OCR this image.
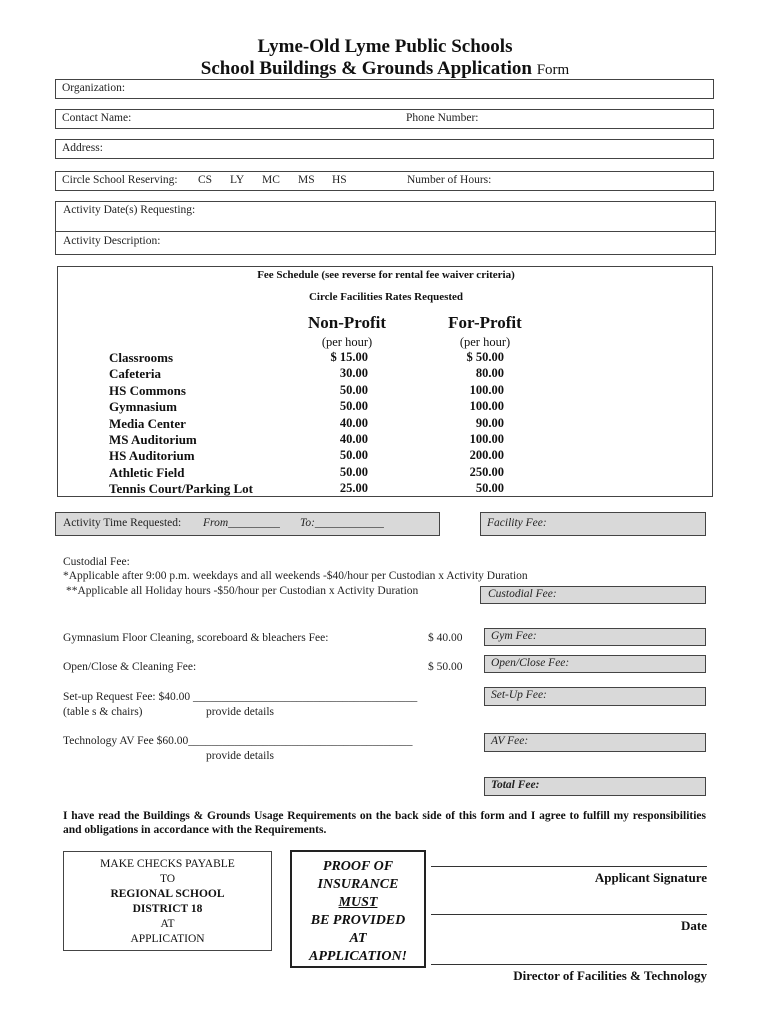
Lyme-Old Lyme Public Schools
School Buildings & Grounds Application Form
Organization:
Contact Name:	Phone Number:
Address:
Circle School Reserving: CS LY MC MS HS	Number of Hours:
Activity Date(s) Requesting:
Activity Description:
Fee Schedule (see reverse for rental fee waiver criteria)
Circle Facilities Rates Requested
Non-Profit	For-Profit
(per hour)	(per hour)
Classrooms	$ 15.00	$ 50.00
Cafeteria	30.00	80.00
HS Commons	50.00	100.00
Gymnasium	50.00	100.00
Media Center	40.00	90.00
MS Auditorium	40.00	100.00
HS Auditorium	50.00	200.00
Athletic Field	50.00	250.00
Tennis Court/Parking Lot	25.00	50.00
Activity Time Requested: From_________ To:____________	Facility Fee:
Custodial Fee:
*Applicable after 9:00 p.m. weekdays and all weekends -$40/hour per Custodian x Activity Duration
**Applicable all Holiday hours -$50/hour per Custodian x Activity Duration	Custodial Fee:
Gymnasium Floor Cleaning, scoreboard & bleachers Fee:	$ 40.00 Gym Fee:
Open/Close & Cleaning Fee:	$ 50.00 Open/Close Fee:
Set-up Request Fee: $40.00 _______________________________________
(table s & chairs)	provide details
Set-Up Fee:
Technology AV Fee $60.00_______________________________________
provide details
AV Fee:
Total Fee:
I have read the Buildings & Grounds Usage Requirements on the back side of this form and I agree to fulfill my responsibilities and obligations in accordance with the Requirements.
MAKE CHECKS PAYABLE
TO
REGIONAL SCHOOL
DISTRICT 18
AT
APPLICATION
PROOF OF
INSURANCE
MUST
BE PROVIDED
AT
APPLICATION!
Applicant Signature
Date
Director of Facilities & Technology
